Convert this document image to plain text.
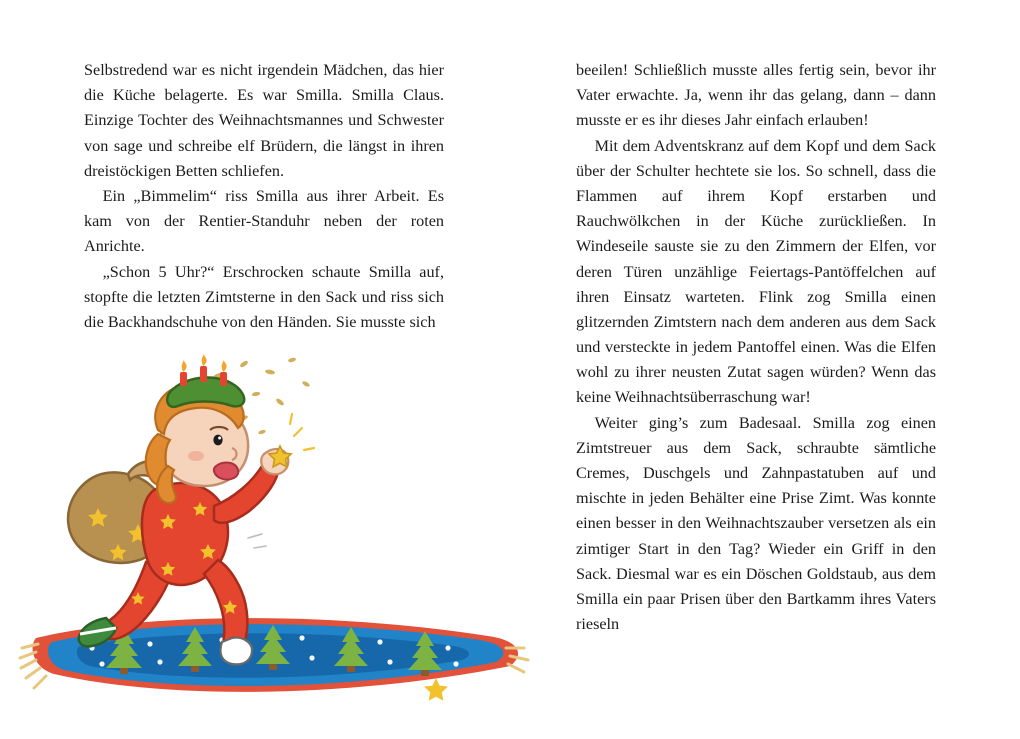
Selbstredend war es nicht irgendein Mädchen, das hier die Küche belagerte. Es war Smilla. Smilla Claus. Einzige Tochter des Weihnachtsmannes und Schwester von sage und schreibe elf Brüdern, die längst in ihren dreistöckigen Betten schliefen.

Ein „Bimmelim“ riss Smilla aus ihrer Arbeit. Es kam von der Rentier-Standuhr neben der roten Anrichte.

„Schon 5 Uhr?“ Erschrocken schaute Smilla auf, stopfte die letzten Zimtsterne in den Sack und riss sich die Backhandschuhe von den Händen. Sie musste sich

beeilen! Schließlich musste alles fertig sein, bevor ihr Vater erwachte. Ja, wenn ihr das gelang, dann – dann musste er es ihr dieses Jahr einfach erlauben!

Mit dem Adventskranz auf dem Kopf und dem Sack über der Schulter hechtete sie los. So schnell, dass die Flammen auf ihrem Kopf erstarben und Rauchwölkchen in der Küche zurückließen. In Windeseile sauste sie zu den Zimmern der Elfen, vor deren Türen unzählige Feiertags-Pantöffelchen auf ihren Einsatz warteten. Flink zog Smilla einen glitzernden Zimtstern nach dem anderen aus dem Sack und versteckte in jedem Pantoffel einen. Was die Elfen wohl zu ihrer neusten Zutat sagen würden? Wenn das keine Weihnachtsüberraschung war!

Weiter ging’s zum Badesaal. Smilla zog einen Zimtstreuer aus dem Sack, schraubte sämtliche Cremes, Duschgels und Zahnpastatuben auf und mischte in jeden Behälter eine Prise Zimt. Was konnte einen besser in den Weihnachtszauber versetzen als ein zimtiger Start in den Tag? Wieder ein Griff in den Sack. Diesmal war es ein Döschen Goldstaub, aus dem Smilla ein paar Prisen über den Bartkamm ihres Vaters rieseln
